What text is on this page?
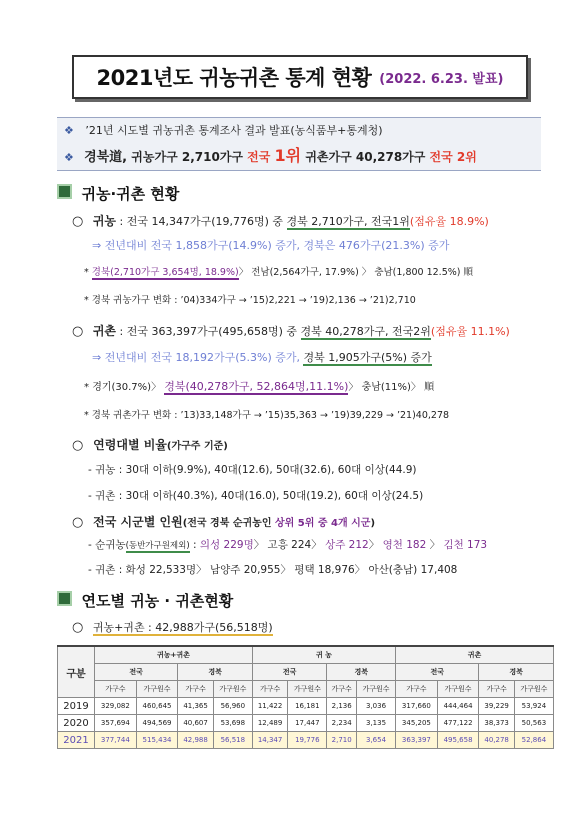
2021년도 귀농귀촌 통계 현황 (2022. 6.23. 발표)
❖ ’21년 시도별 귀농귀촌 통계조사 결과 발표(농식품부+통계청)
❖ 경북道, 귀농가구 2,710가구 전국 1위 귀촌가구 40,278가구 전국 2위
귀농·귀촌 현황
○ 귀농 : 전국 14,347가구(19,776명) 중 경북 2,710가구, 전국1위(점유율 18.9%)
⇒ 전년대비 전국 1,858가구(14.9%) 증가, 경북은 476가구(21.3%) 증가
* 경북(2,710가구 3,654명, 18.9%)〉 전남(2,564가구, 17.9%) 〉 충남(1,800 12.5%) 順
* 경북 귀농가구 변화 : ’04)334가구 → ’15)2,221 → ’19)2,136 → ’21)2,710
○ 귀촌 : 전국 363,397가구(495,658명) 중 경북 40,278가구, 전국2위(점유율 11.1%)
⇒ 전년대비 전국 18,192가구(5.3%) 증가, 경북 1,905가구(5%) 증가
* 경기(30.7%)〉 경북(40,278가구, 52,864명,11.1%)〉 충남(11%)〉 順
* 경북 귀촌가구 변화 : ’13)33,148가구 → ’15)35,363 → ’19)39,229 → ’21)40,278
○ 연령대별 비율(가구주 기준)
- 귀농 : 30대 이하(9.9%), 40대(12.6), 50대(32.6), 60대 이상(44.9)
- 귀촌 : 30대 이하(40.3%), 40대(16.0), 50대(19.2), 60대 이상(24.5)
○ 전국 시군별 인원(전국 경북 순귀농인 상위 5위 중 4개 시군)
- 순귀농(동반가구원제외) : 의성 229명〉 고흥 224〉 상주 212〉 영천 182 〉 김천 173
- 귀촌 : 화성 22,533명〉 남양주 20,955〉 평택 18,976〉 아산(충남) 17,408
연도별 귀농 · 귀촌현황
○ 귀농+귀촌 : 42,988가구(56,518명)
구분	귀농+귀촌				귀 농				귀촌			
	전국		경북		전국		경북		전국		경북	
	가구수	가구원수	가구수	가구원수	가구수	가구원수	가구수	가구원수	가구수	가구원수	가구수	가구원수
2019	329,082	460,645	41,365	56,960	11,422	16,181	2,136	3,036	317,660	444,464	39,229	53,924
2020	357,694	494,569	40,607	53,698	12,489	17,447	2,234	3,135	345,205	477,122	38,373	50,563
2021	377,744	515,434	42,988	56,518	14,347	19,776	2,710	3,654	363,397	495,658	40,278	52,864
